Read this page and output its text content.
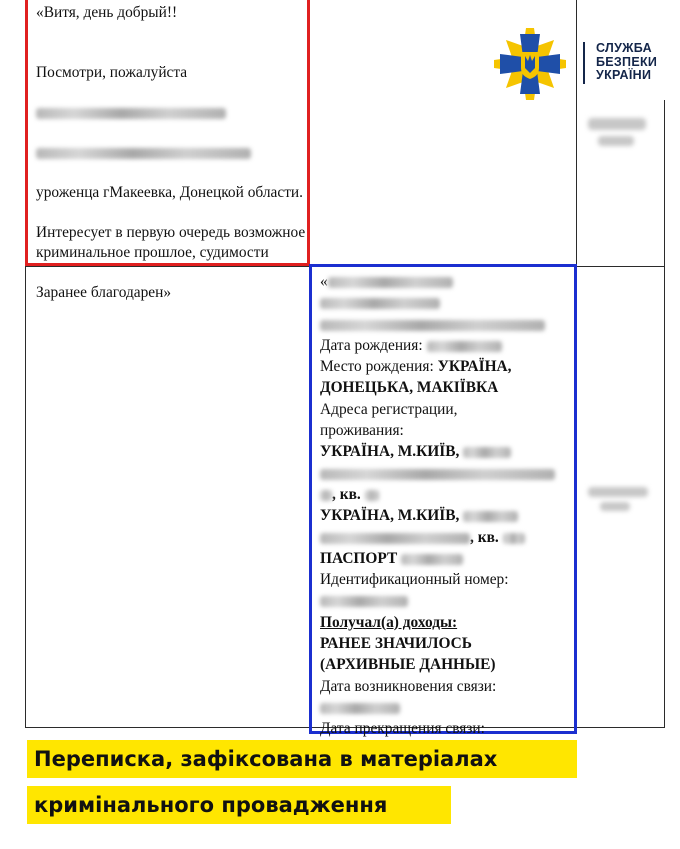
«Витя, день добрый!!

Посмотри, пожалуйста

уроженца гМакеевка, Донецкой области.

Интересует в первую очередь возможное криминальное прошлое, судимости

Заранее благодарен»

СЛУЖБА
БЕЗПЕКИ
УКРАЇНИ
«
Дата рождения:
Место рождения: УКРАЇНА,
ДОНЕЦЬКА, МАКІЇВКА
Адреса регистрации,
проживания:
УКРАЇНА, М.КИЇВ,
, кв.
УКРАЇНА, М.КИЇВ,
, кв.
ПАСПОРТ
Идентификационный номер:
Получал(а) доходы:
РАНЕЕ ЗНАЧИЛОСЬ
(АРХИВНЫЕ ДАННЫЕ)
Дата возникновения связи:
Дата прекращения связи:
Переписка, зафіксована в матеріалах
кримінального провадження
